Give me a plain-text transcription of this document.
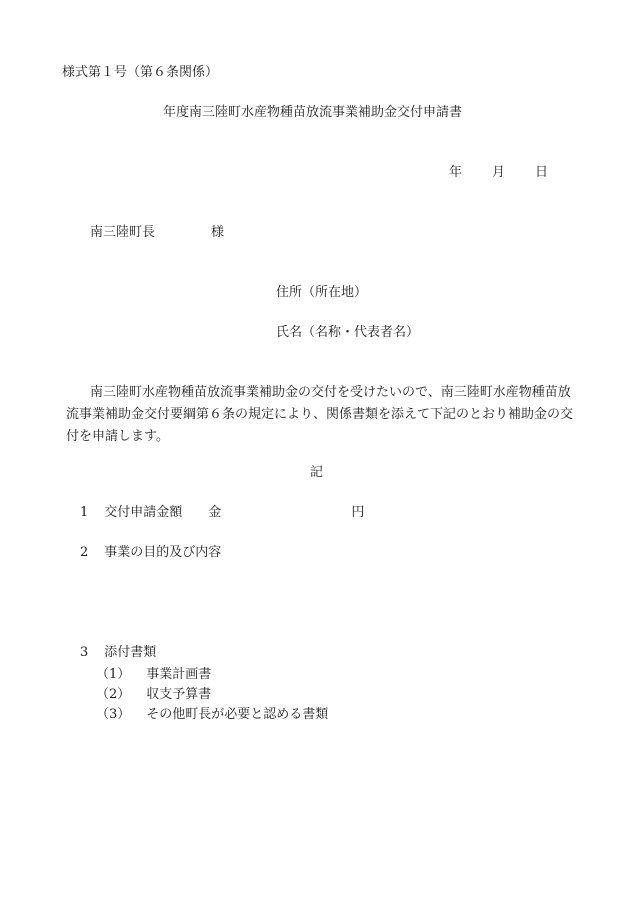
様式第１号（第６条関係）
年度南三陸町水産物種苗放流事業補助金交付申請書
年 月 日
南三陸町長	様
住所（所在地）
氏名（名称・代表者名）
南三陸町水産物種苗放流事業補助金の交付を受けたいので、南三陸町水産物種苗放流事業補助金交付要綱第６条の規定により、関係書類を添えて下記のとおり補助金の交付を申請します。
記
1 交付申請金額 金	円
2 事業の目的及び内容
3 添付書類
（1） 事業計画書
（2） 収支予算書
（3） その他町長が必要と認める書類
